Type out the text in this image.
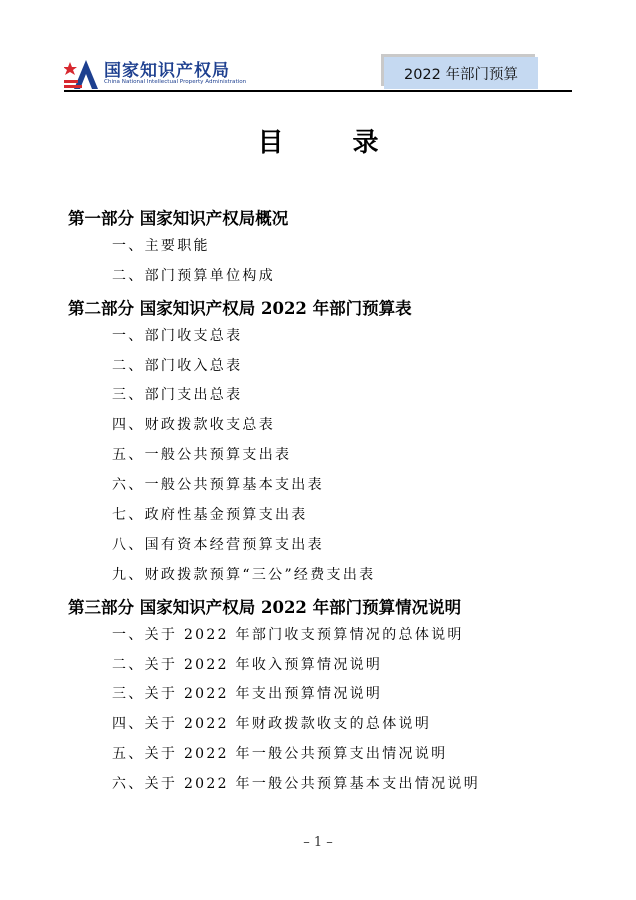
国家知识产权局
China National Intellectual Property Administration	2022 年部门预算
目 录
第一部分 国家知识产权局概况
一、主要职能
二、部门预算单位构成
第二部分 国家知识产权局 2022 年部门预算表
一、部门收支总表
二、部门收入总表
三、部门支出总表
四、财政拨款收支总表
五、一般公共预算支出表
六、一般公共预算基本支出表
七、政府性基金预算支出表
八、国有资本经营预算支出表
九、财政拨款预算“三公”经费支出表
第三部分 国家知识产权局 2022 年部门预算情况说明
一、关于 2022 年部门收支预算情况的总体说明
二、关于 2022 年收入预算情况说明
三、关于 2022 年支出预算情况说明
四、关于 2022 年财政拨款收支的总体说明
五、关于 2022 年一般公共预算支出情况说明
六、关于 2022 年一般公共预算基本支出情况说明
– 1 –
